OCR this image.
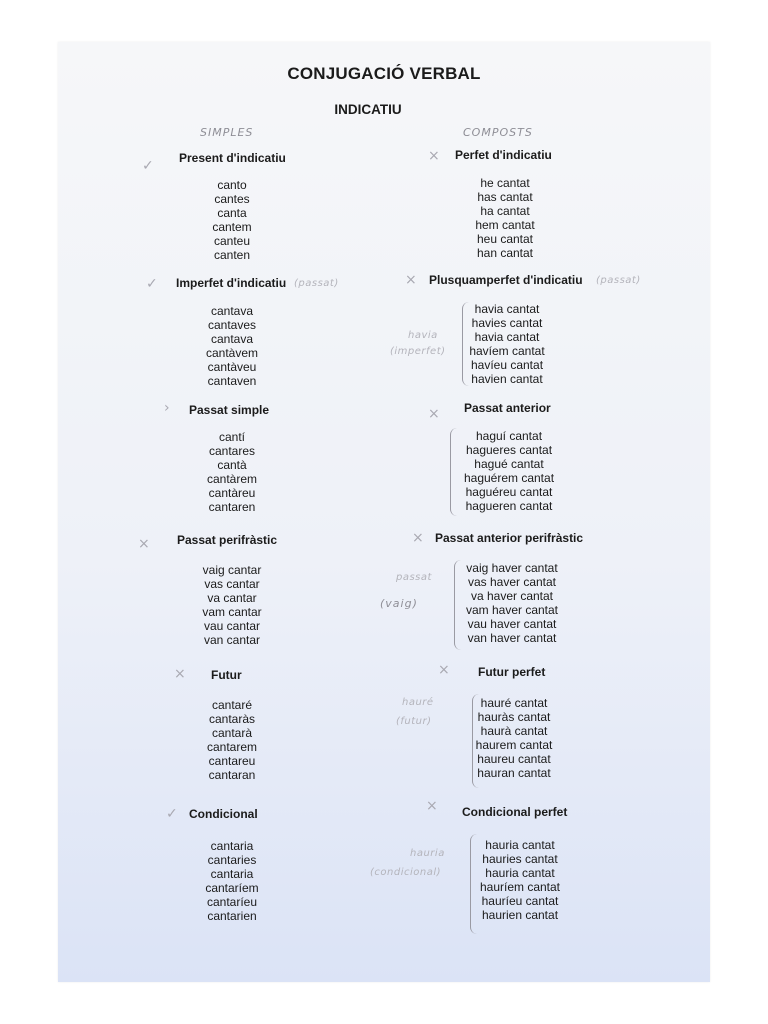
CONJUGACIÓ VERBAL
INDICATIU
SIMPLES	COMPOSTS
✓ Present d'indicatiu
canto
cantes
canta
cantem
canteu
canten
✓ Imperfet d'indicatiu (passat)
cantava
cantaves
cantava
cantàvem
cantàveu
cantaven
› Passat simple
cantí
cantares
cantà
cantàrem
cantàreu
cantaren
× Passat perifràstic
vaig cantar
vas cantar
va cantar
vam cantar
vau cantar
van cantar
× Futur
cantaré
cantaràs
cantarà
cantarem
cantareu
cantaran
✓ Condicional
cantaria
cantaries
cantaria
cantaríem
cantaríeu
cantarien
× Perfet d'indicatiu
he cantat
has cantat
ha cantat
hem cantat
heu cantat
han cantat
× Plusquamperfet d'indicatiu (passat)
havia
(imperfet)
havia cantat
havies cantat
havia cantat
havíem cantat
havíeu cantat
havien cantat
× Passat anterior
haguí cantat
hagueres cantat
hagué cantat
haguérem cantat
haguéreu cantat
hagueren cantat
× Passat anterior perifràstic
passat
(vaig)
vaig haver cantat
vas haver cantat
va haver cantat
vam haver cantat
vau haver cantat
van haver cantat
× Futur perfet
hauré
(futur)
hauré cantat
hauràs cantat
haurà cantat
haurem cantat
haureu cantat
hauran cantat
× Condicional perfet
hauria
(condicional)
hauria cantat
hauries cantat
hauria cantat
hauríem cantat
hauríeu cantat
haurien cantat
